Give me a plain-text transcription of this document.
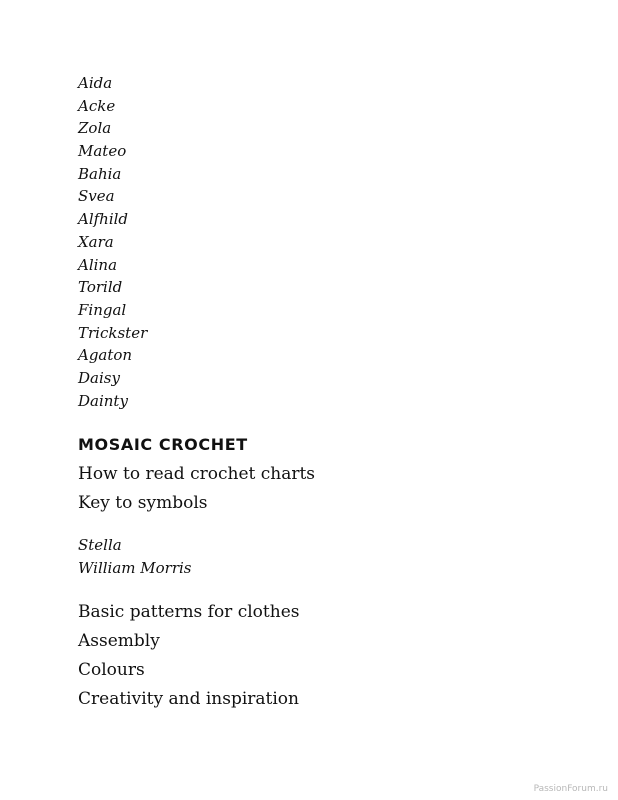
Aida
Acke
Zola
Mateo
Bahia
Svea
Alfhild
Xara
Alina
Torild
Fingal
Trickster
Agaton
Daisy
Dainty
MOSAIC CROCHET
How to read crochet charts
Key to symbols
Stella
William Morris
Basic patterns for clothes
Assembly
Colours
Creativity and inspiration
PassionForum.ru
